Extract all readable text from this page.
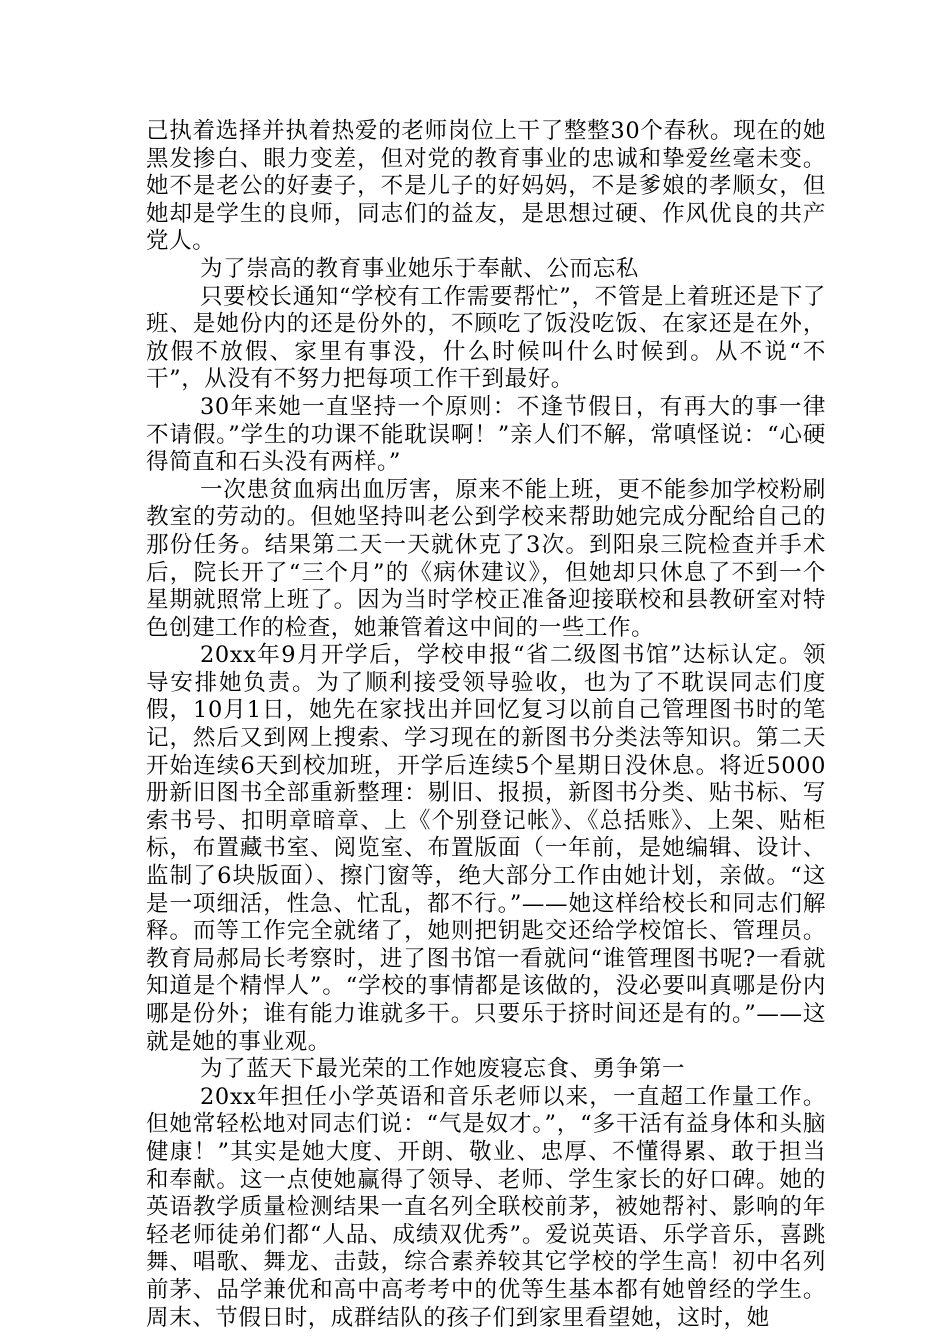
己执着选择并执着热爱的老师岗位上干了整整30个春秋。现在的她黑发掺白、眼力变差，但对党的教育事业的忠诚和挚爱丝毫未变。她不是老公的好妻子，不是儿子的好妈妈，不是爹娘的孝顺女，但她却是学生的良师，同志们的益友，是思想过硬、作风优良的共产党人。

为了崇高的教育事业她乐于奉献、公而忘私

只要校长通知“学校有工作需要帮忙”，不管是上着班还是下了班、是她份内的还是份外的，不顾吃了饭没吃饭、在家还是在外，放假不放假、家里有事没，什么时候叫什么时候到。从不说“不干”，从没有不努力把每项工作干到最好。

30年来她一直坚持一个原则：不逢节假日，有再大的事一律不请假。”学生的功课不能耽误啊！”亲人们不解，常嗔怪说：“心硬得简直和石头没有两样。”

一次患贫血病出血厉害，原来不能上班，更不能参加学校粉刷教室的劳动的。但她坚持叫老公到学校来帮助她完成分配给自己的那份任务。结果第二天一天就休克了3次。到阳泉三院检查并手术后，院长开了“三个月”的《病休建议》，但她却只休息了不到一个星期就照常上班了。因为当时学校正准备迎接联校和县教研室对特色创建工作的检查，她兼管着这中间的一些工作。

20xx年9月开学后，学校申报“省二级图书馆”达标认定。领导安排她负责。为了顺利接受领导验收，也为了不耽误同志们度假，10月1日，她先在家找出并回忆复习以前自己管理图书时的笔记，然后又到网上搜索、学习现在的新图书分类法等知识。第二天开始连续6天到校加班，开学后连续5个星期日没休息。将近5000册新旧图书全部重新整理：剔旧、报损，新图书分类、贴书标、写索书号、扣明章暗章、上《个别登记帐》、《总括账》、上架、贴柜标，布置藏书室、阅览室、布置版面（一年前，是她编辑、设计、监制了6块版面）、擦门窗等，绝大部分工作由她计划，亲做。“这是一项细活，性急、忙乱，都不行。”——她这样给校长和同志们解释。而等工作完全就绪了，她则把钥匙交还给学校馆长、管理员。教育局郝局长考察时，进了图书馆一看就问“谁管理图书呢?一看就知道是个精悍人”。“学校的事情都是该做的，没必要叫真哪是份内哪是份外；谁有能力谁就多干。只要乐于挤时间还是有的。”——这就是她的事业观。

为了蓝天下最光荣的工作她废寝忘食、勇争第一

20xx年担任小学英语和音乐老师以来，一直超工作量工作。但她常轻松地对同志们说：“气是奴才。”，“多干活有益身体和头脑健康！”其实是她大度、开朗、敬业、忠厚、不懂得累、敢于担当和奉献。这一点使她赢得了领导、老师、学生家长的好口碑。她的英语教学质量检测结果一直名列全联校前茅，被她帮衬、影响的年轻老师徒弟们都“人品、成绩双优秀”。爱说英语、乐学音乐，喜跳舞、唱歌、舞龙、击鼓，综合素养较其它学校的学生高！初中名列前茅、品学兼优和高中高考考中的优等生基本都有她曾经的学生。周末、节假日时，成群结队的孩子们到家里看望她，这时，她
